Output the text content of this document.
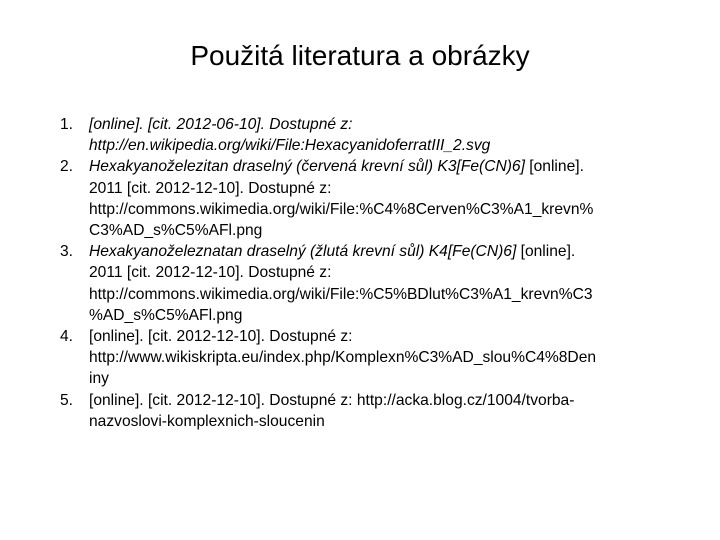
Použitá literatura a obrázky
1. [online]. [cit. 2012-06-10]. Dostupné z:
http://en.wikipedia.org/wiki/File:HexacyanidoferratIII_2.svg
2. Hexakyanoželezitan draselný (červená krevní sůl) K3[Fe(CN)6] [online].
2011 [cit. 2012-12-10]. Dostupné z:
http://commons.wikimedia.org/wiki/File:%C4%8Cerven%C3%A1_krevn%
C3%AD_s%C5%AFl.png
3. Hexakyanoželeznatan draselný (žlutá krevní sůl) K4[Fe(CN)6] [online].
2011 [cit. 2012-12-10]. Dostupné z:
http://commons.wikimedia.org/wiki/File:%C5%BDlut%C3%A1_krevn%C3
%AD_s%C5%AFl.png
4. [online]. [cit. 2012-12-10]. Dostupné z:
http://www.wikiskripta.eu/index.php/Komplexn%C3%AD_slou%C4%8Den
iny
5. [online]. [cit. 2012-12-10]. Dostupné z: http://acka.blog.cz/1004/tvorba-
nazvoslovi-komplexnich-sloucenin
